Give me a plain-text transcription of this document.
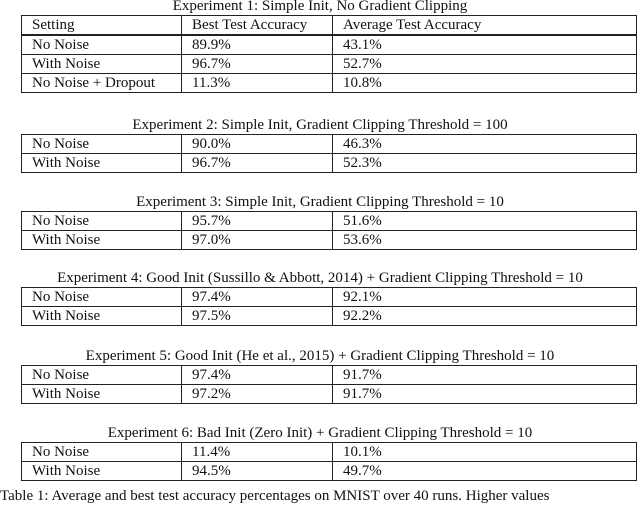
Experiment 1: Simple Init, No Gradient Clipping
Setting	Best Test Accuracy	Average Test Accuracy
No Noise	89.9%	43.1%
With Noise	96.7%	52.7%
No Noise + Dropout	11.3%	10.8%
Experiment 2: Simple Init, Gradient Clipping Threshold = 100
No Noise	90.0%	46.3%
With Noise	96.7%	52.3%
Experiment 3: Simple Init, Gradient Clipping Threshold = 10
No Noise	95.7%	51.6%
With Noise	97.0%	53.6%
Experiment 4: Good Init (Sussillo & Abbott, 2014) + Gradient Clipping Threshold = 10
No Noise	97.4%	92.1%
With Noise	97.5%	92.2%
Experiment 5: Good Init (He et al., 2015) + Gradient Clipping Threshold = 10
No Noise	97.4%	91.7%
With Noise	97.2%	91.7%
Experiment 6: Bad Init (Zero Init) + Gradient Clipping Threshold = 10
No Noise	11.4%	10.1%
With Noise	94.5%	49.7%
Table 1: Average and best test accuracy percentages on MNIST over 40 runs. Higher values
